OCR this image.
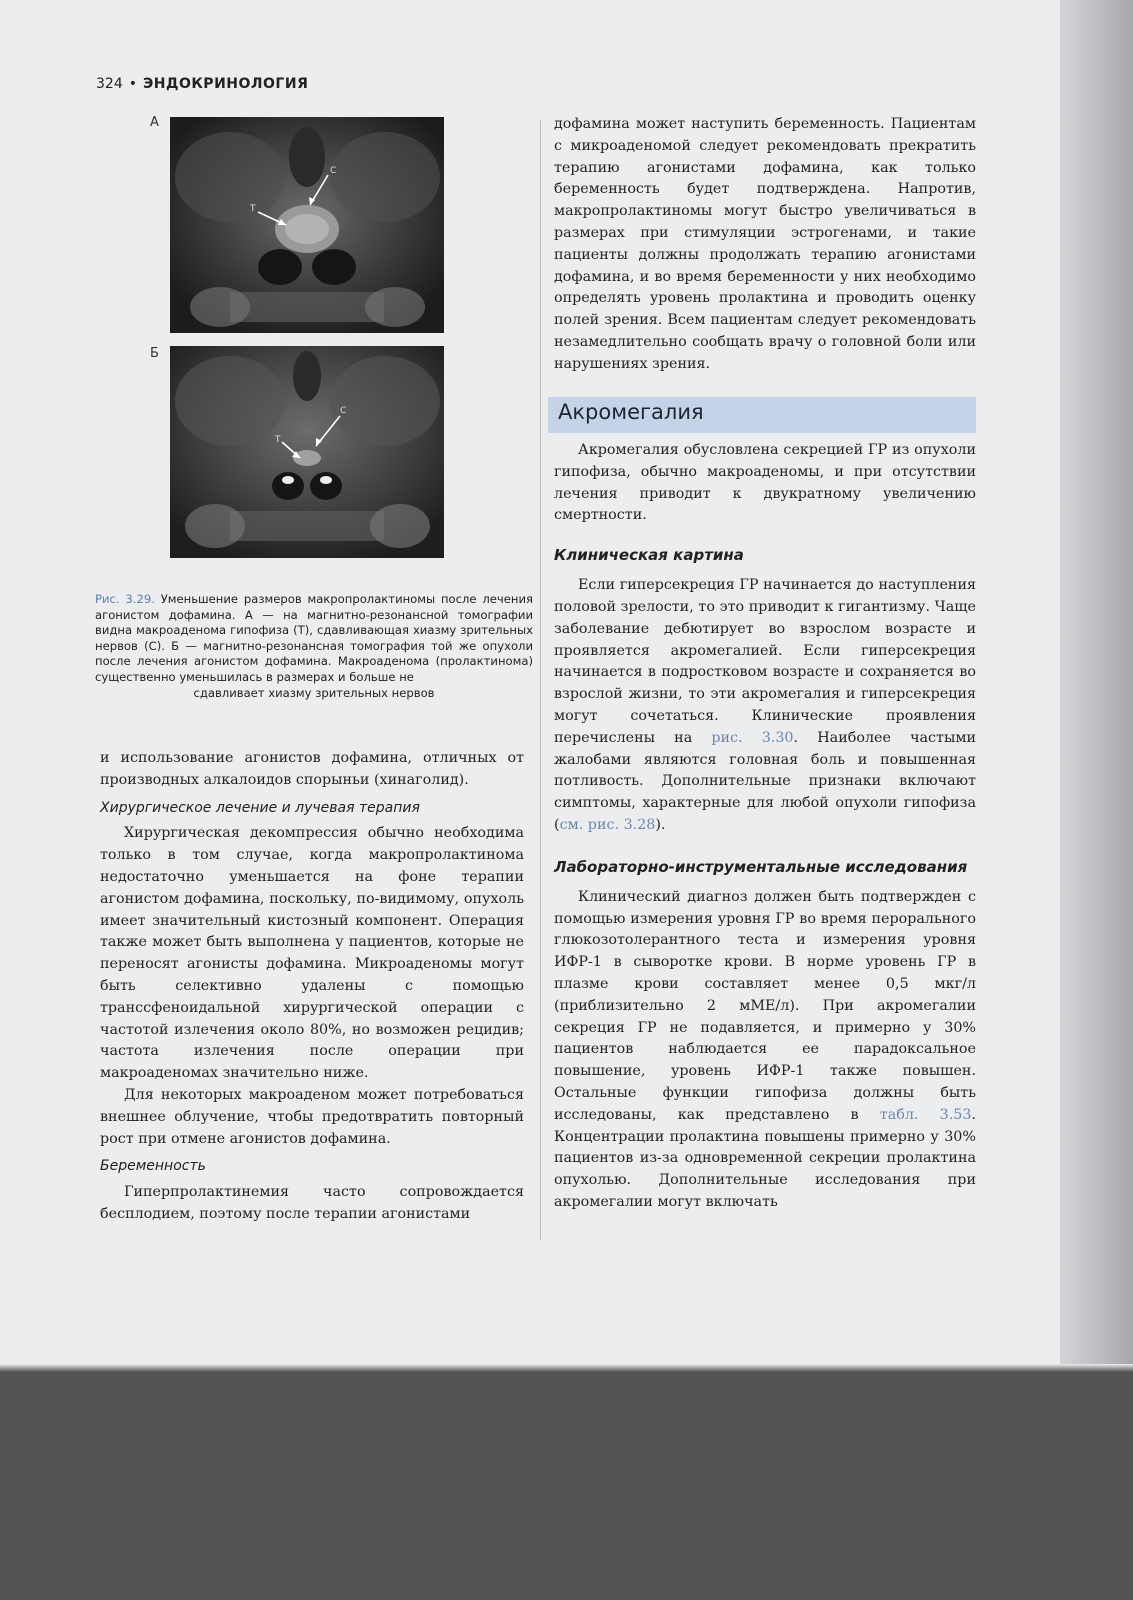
324 • ЭНДОКРИНОЛОГИЯ
А
Т
С
Б
Т
С
Рис. 3.29. Уменьшение размеров макропролактиномы после лечения агонистом дофамина. А — на магнитно-резонансной томографии видна макроаденома гипофиза (Т), сдавливающая хиазму зрительных нервов (С). Б — магнитно-резонансная томография той же опухоли после лечения агонистом дофамина. Макроаденома (пролактинома) существенно уменьшилась в размерах и больше не
сдавливает хиазму зрительных нервов

и использование агонистов дофамина, отличных от производных алкалоидов спорыньи (хинаголид).

Хирургическое лечение и лучевая терапия

Хирургическая декомпрессия обычно необходима только в том случае, когда макропролактинома недостаточно уменьшается на фоне терапии агонистом дофамина, поскольку, по-видимому, опухоль имеет значительный кистозный компонент. Операция также может быть выполнена у пациентов, которые не переносят агонисты дофамина. Микроаденомы могут быть селективно удалены с помощью транссфеноидальной хирургической операции с частотой излечения около 80%, но возможен рецидив; частота излечения после операции при макроаденомах значительно ниже.

Для некоторых макроаденом может потребоваться внешнее облучение, чтобы предотвратить повторный рост при отмене агонистов дофамина.

Беременность

Гиперпролактинемия часто сопровождается бесплодием, поэтому после терапии агонистами

дофамина может наступить беременность. Пациентам с микроаденомой следует рекомендовать прекратить терапию агонистами дофамина, как только беременность будет подтверждена. Напротив, макропролактиномы могут быстро увеличиваться в размерах при стимуляции эстрогенами, и такие пациенты должны продолжать терапию агонистами дофамина, и во время беременности у них необходимо определять уровень пролактина и проводить оценку полей зрения. Всем пациентам следует рекомендовать незамедлительно сообщать врачу о головной боли или нарушениях зрения.

Акромегалия

Акромегалия обусловлена секрецией ГР из опухоли гипофиза, обычно макроаденомы, и при отсутствии лечения приводит к двукратному увеличению смертности.

Клиническая картина

Если гиперсекреция ГР начинается до наступления половой зрелости, то это приводит к гигантизму. Чаще заболевание дебютирует во взрослом возрасте и проявляется акромегалией. Если гиперсекреция начинается в подростковом возрасте и сохраняется во взрослой жизни, то эти акромегалия и гиперсекреция могут сочетаться. Клинические проявления перечислены на рис. 3.30. Наиболее частыми жалобами являются головная боль и повышенная потливость. Дополнительные признаки включают симптомы, характерные для любой опухоли гипофиза (см. рис. 3.28).

Лабораторно-инструментальные исследования

Клинический диагноз должен быть подтвержден с помощью измерения уровня ГР во время перорального глюкозотолерантного теста и измерения уровня ИФР-1 в сыворотке крови. В норме уровень ГР в плазме крови составляет менее 0,5 мкг/л (приблизительно 2 мМЕ/л). При акромегалии секреция ГР не подавляется, и примерно у 30% пациентов наблюдается ее парадоксальное повышение, уровень ИФР-1 также повышен. Остальные функции гипофиза должны быть исследованы, как представлено в табл. 3.53. Концентрации пролактина повышены примерно у 30% пациентов из-за одновременной секреции пролактина опухолью. Дополнительные исследования при акромегалии могут включать
